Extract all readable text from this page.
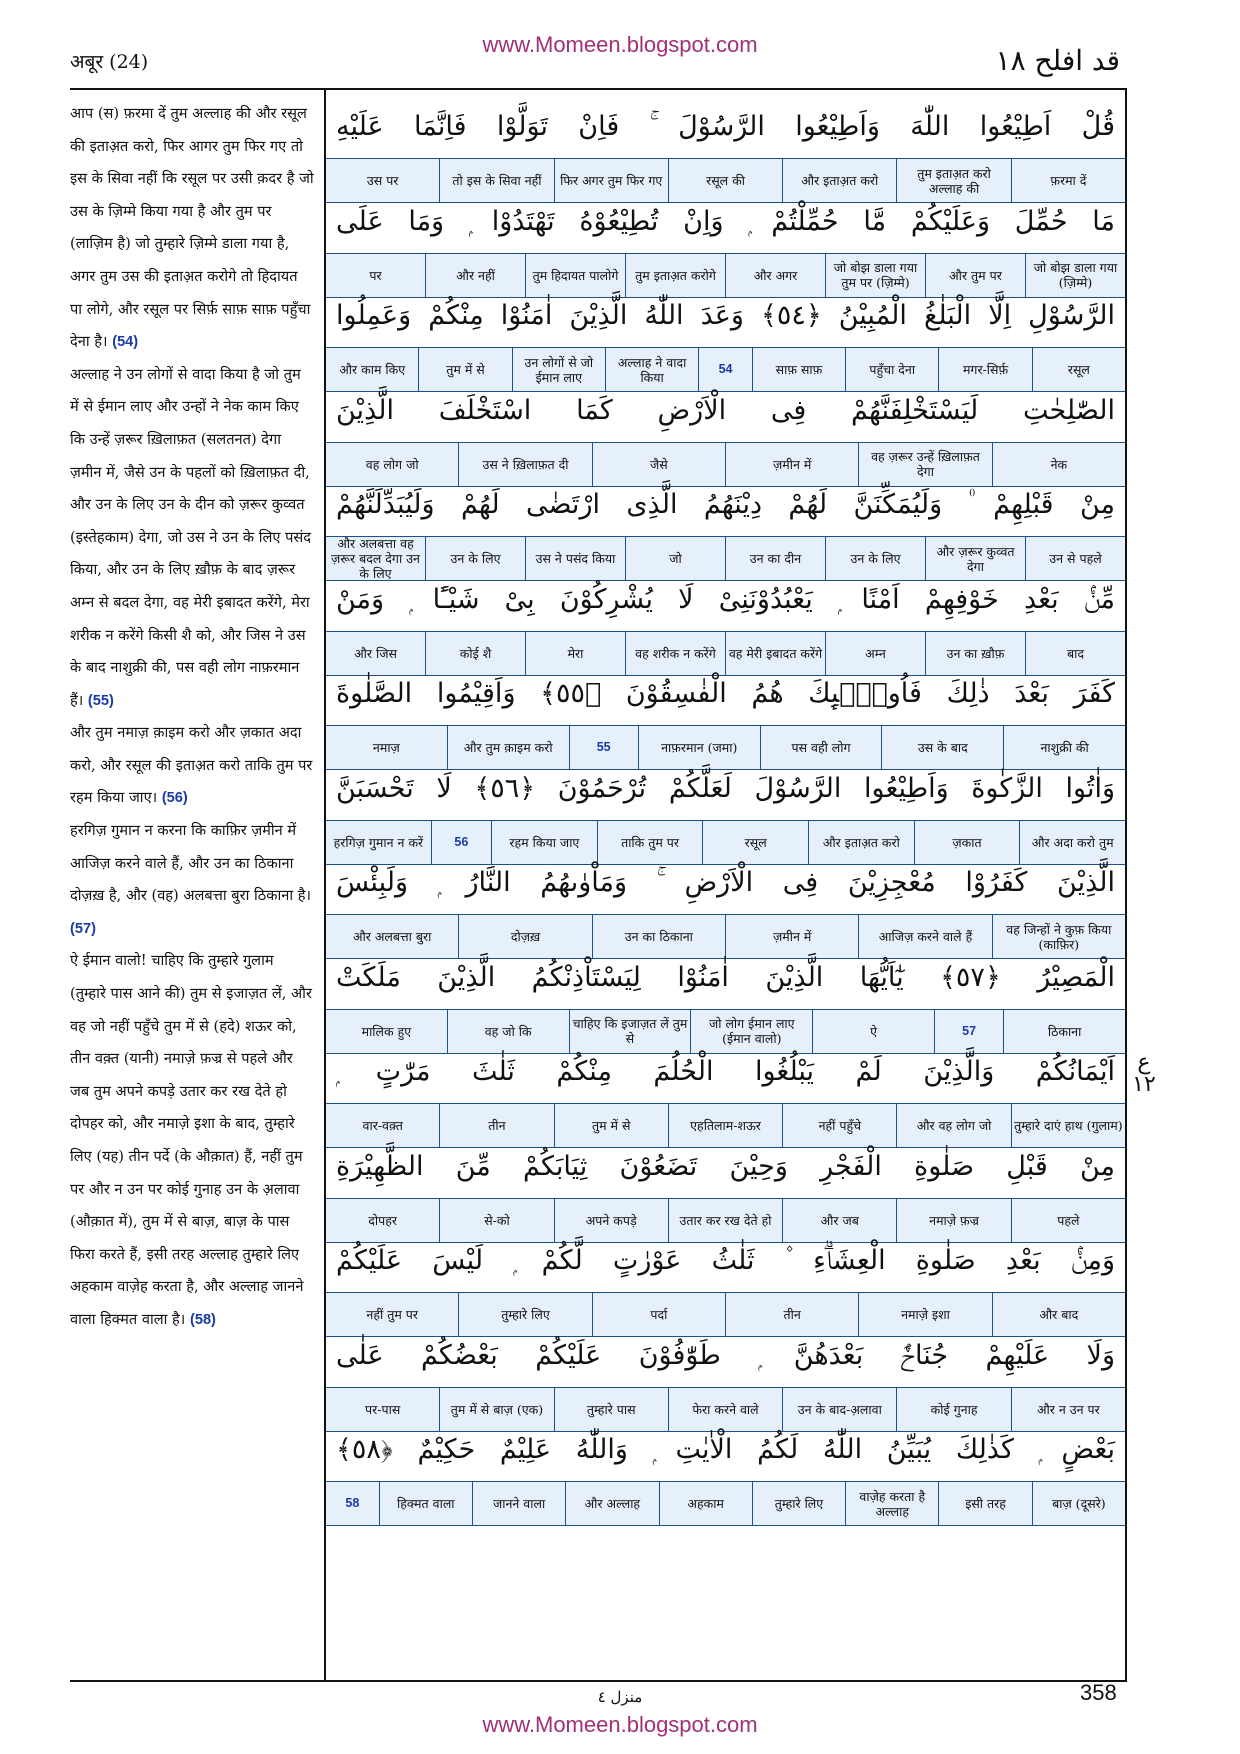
www.Momeen.blogspot.com
अबूर (24)	قد افلح ١٨
आप (स) फ़रमा दें तुम अल्लाह की और रसूल की इताअ़त करो, फिर आगर तुम फिर गए तो इस के सिवा नहीं कि रसूल पर उसी क़दर है जो उस के ज़िम्मे किया गया है और तुम पर (लाज़िम है) जो तुम्हारे ज़िम्मे डाला गया है, अगर तुम उस की इताअ़त करोगे तो हिदायत पा लोगे, और रसूल पर सिर्फ़ साफ़ साफ़ पहुँचा देना है। (54)
अल्लाह ने उन लोगों से वादा किया है जो तुम में से ईमान लाए और उन्हों ने नेक काम किए कि उन्हें ज़रूर ख़िलाफ़त (सलतनत) देगा ज़मीन में, जैसे उन के पहलों को ख़िलाफ़त दी, और उन के लिए उन के दीन को ज़रूर कुव्वत (इस्तेहकाम) देगा, जो उस ने उन के लिए पसंद किया, और उन के लिए ख़ौफ़ के बाद ज़रूर अम्न से बदल देगा, वह मेरी इबादत करेंगे, मेरा शरीक न करेंगे किसी शै को, और जिस ने उस के बाद नाशुक्री की, पस वही लोग नाफ़रमान हैं। (55)
और तुम नमाज़ क़ाइम करो और ज़कात अदा करो, और रसूल की इताअ़त करो ताकि तुम पर रहम किया जाए। (56)
हरगिज़ गुमान न करना कि काफ़िर ज़मीन में आजिज़ करने वाले हैं, और उन का ठिकाना दोज़ख़ है, और (वह) अलबत्ता बुरा ठिकाना है। (57)
ऐ ईमान वालो! चाहिए कि तुम्हारे गुलाम (तुम्हारे पास आने की) तुम से इजाज़त लें, और वह जो नहीं पहुँचे तुम में से (हदे) शऊर को, तीन वक़्त (यानी) नमाज़े फ़ज्र से पहले और जब तुम अपने कपड़े उतार कर रख देते हो दोपहर को, और नमाज़े इशा के बाद, तुम्हारे लिए (यह) तीन पर्दे (के औक़ात) हैं, नहीं तुम पर और न उन पर कोई गुनाह उन के अ़लावा (औक़ात में), तुम में से बाज़, बाज़ के पास फिरा करते हैं, इसी तरह अल्लाह तुम्हारे लिए अहकाम वाज़ेह करता है, और अल्लाह जानने वाला हिक्मत वाला है। (58)
قُلْ اَطِيْعُوا اللّٰهَ وَاَطِيْعُوا الرَّسُوْلَ ۚ فَاِنْ تَوَلَّوْا فَاِنَّمَا عَلَيْهِ
फ़रमा दें
तुम इताअ़त करो अल्लाह की
और इताअ़त करो
रसूल की
फिर अगर तुम फिर गए
तो इस के सिवा नहीं
उस पर
مَا حُمِّلَ وَعَلَيْكُمْ مَّا حُمِّلْتُمْ ۭ وَاِنْ تُطِيْعُوْهُ تَهْتَدُوْا ۭ وَمَا عَلَى
जो बोझ डाला गया (ज़िम्मे)
और तुम पर
जो बोझ डाला गया तुम पर (ज़िम्मे)
और अगर
तुम इताअ़त करोगे
तुम हिदायत पालोगे
और नहीं
पर
الرَّسُوْلِ اِلَّا الْبَلٰغُ الْمُبِيْنُ ﴿٥٤﴾ وَعَدَ اللّٰهُ الَّذِيْنَ اٰمَنُوْا مِنْكُمْ وَعَمِلُوا
रसूल
मगर-सिर्फ़
पहुँचा देना
साफ़ साफ़
54
अल्लाह ने वादा किया
उन लोगों से जो ईमान लाए
तुम में से
और काम किए
الصّٰلِحٰتِ لَيَسْتَخْلِفَنَّهُمْ فِى الْاَرْضِ كَمَا اسْتَخْلَفَ الَّذِيْنَ
नेक
वह ज़रूर उन्हें ख़िलाफ़त देगा
ज़मीन में
जैसे
उस ने ख़िलाफ़त दी
वह लोग जो
مِنْ قَبْلِهِمْ ۠ وَلَيُمَكِّنَنَّ لَهُمْ دِيْنَهُمُ الَّذِى ارْتَضٰى لَهُمْ وَلَيُبَدِّلَنَّهُمْ
उन से पहले
और ज़रूर कुव्वत देगा
उन के लिए
उन का दीन
जो
उस ने पसंद किया
उन के लिए
और अलबत्ता वह ज़रूर बदल देगा उन के लिए
مِّنْۢ بَعْدِ خَوْفِهِمْ اَمْنًا ۭ يَعْبُدُوْنَنِىْ لَا يُشْرِكُوْنَ بِىْ شَيْـًٔا ۭ وَمَنْ
बाद
उन का ख़ौफ़
अम्न
वह मेरी इबादत करेंगे
वह शरीक न करेंगे
मेरा
कोई शै
और जिस
كَفَرَ بَعْدَ ذٰلِكَ فَاُولٰۗىِٕكَ هُمُ الْفٰسِقُوْنَ ﴿٥٥﴾ وَاَقِيْمُوا الصَّلٰوةَ
नाशुक्री की
उस के बाद
पस वही लोग
नाफ़रमान (जमा)
55
और तुम क़ाइम करो
नमाज़
وَاٰتُوا الزَّكٰوةَ وَاَطِيْعُوا الرَّسُوْلَ لَعَلَّكُمْ تُرْحَمُوْنَ ﴿٥٦﴾ لَا تَحْسَبَنَّ
और अदा करो तुम
ज़कात
और इताअ़त करो
रसूल
ताकि तुम पर
रहम किया जाए
56
हरगिज़ गुमान न करें
الَّذِيْنَ كَفَرُوْا مُعْجِزِيْنَ فِى الْاَرْضِ ۚ وَمَاْوٰىهُمُ النَّارُ ۭ وَلَبِئْسَ
वह जिन्हों ने कुफ़ किया (काफ़िर)
आजिज़ करने वाले हैं
ज़मीन में
उन का ठिकाना
दोज़ख़
और अलबत्ता बुरा
الْمَصِيْرُ ﴿٥٧﴾ يٰٓاَيُّهَا الَّذِيْنَ اٰمَنُوْا لِيَسْتَاْذِنْكُمُ الَّذِيْنَ مَلَكَتْ
ठिकाना
57
ऐ
जो लोग ईमान लाए (ईमान वालो)
चाहिए कि इजाज़त लें तुम से
वह जो कि
मालिक हुए
اَيْمَانُكُمْ وَالَّذِيْنَ لَمْ يَبْلُغُوا الْحُلُمَ مِنْكُمْ ثَلٰثَ مَرّٰتٍ ۭ
तुम्हारे दाएं हाथ (गुलाम)
और वह लोग जो
नहीं पहुँचे
एहतिलाम-शऊर
तुम में से
तीन
वार-वक़्त
مِنْ قَبْلِ صَلٰوةِ الْفَجْرِ وَحِيْنَ تَضَعُوْنَ ثِيَابَكُمْ مِّنَ الظَّهِيْرَةِ
पहले
नमाज़े फ़ज्र
और जब
उतार कर रख देते हो
अपने कपड़े
से-को
दोपहर
وَمِنْۢ بَعْدِ صَلٰوةِ الْعِشَاۗءِ ۫ ثَلٰثُ عَوْرٰتٍ لَّكُمْ ۭ لَيْسَ عَلَيْكُمْ
और बाद
नमाज़े इशा
तीन
पर्दा
तुम्हारे लिए
नहीं तुम पर
وَلَا عَلَيْهِمْ جُنَاحٌۢ بَعْدَهُنَّ ۭ طَوّٰفُوْنَ عَلَيْكُمْ بَعْضُكُمْ عَلٰى
और न उन पर
कोई गुनाह
उन के बाद-अ़लावा
फेरा करने वाले
तुम्हारे पास
तुम में से बाज़ (एक)
पर-पास
بَعْضٍ ۭ كَذٰلِكَ يُبَيِّنُ اللّٰهُ لَكُمُ الْاٰيٰتِ ۭ وَاللّٰهُ عَلِيْمٌ حَكِيْمٌ ﴿٥٨﴾
बाज़ (दूसरे)
इसी तरह
वाज़ेह करता है अल्लाह
तुम्हारे लिए
अहकाम
और अल्लाह
जानने वाला
हिक्मत वाला
58
ع ١٢
منزل ٤	358
www.Momeen.blogspot.com
